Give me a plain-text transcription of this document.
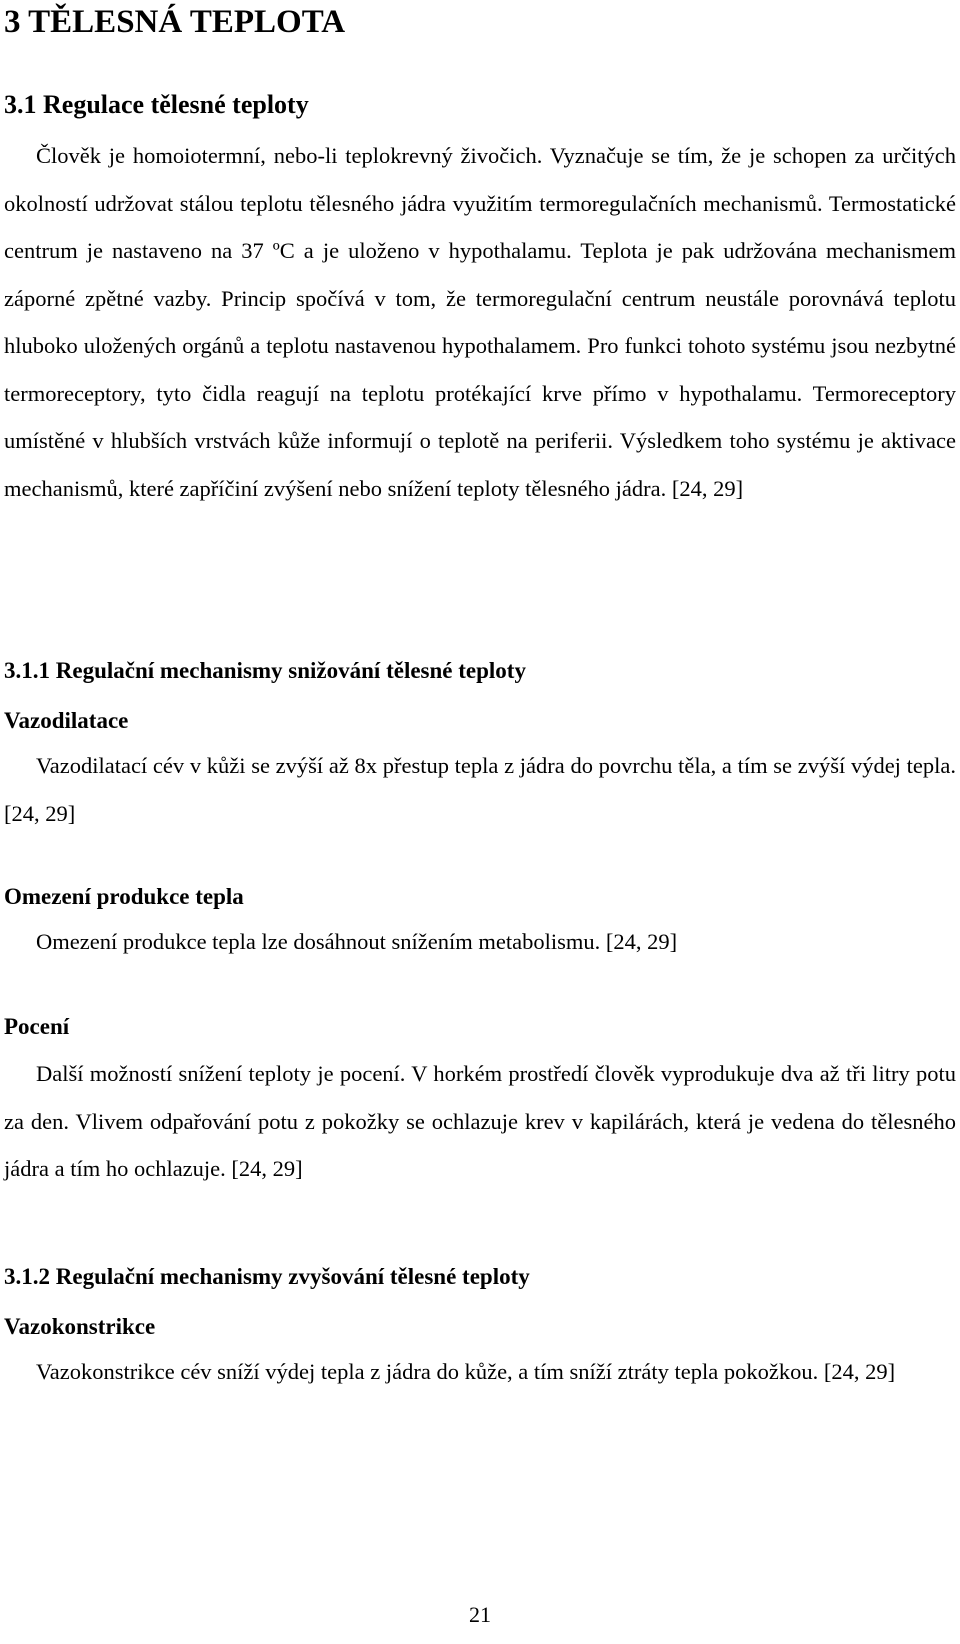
3 TĚLESNÁ TEPLOTA
3.1 Regulace tělesné teploty

Člověk je homoiotermní, nebo-li teplokrevný živočich. Vyznačuje se tím, že je schopen za určitých okolností udržovat stálou teplotu tělesného jádra využitím termoregulačních mechanismů. Termostatické centrum je nastaveno na 37 ºC a je uloženo v hypothalamu. Teplota je pak udržována mechanismem záporné zpětné vazby. Princip spočívá v tom, že termoregulační centrum neustále porovnává teplotu hluboko uložených orgánů a teplotu nastavenou hypothalamem. Pro funkci tohoto systému jsou nezbytné termoreceptory, tyto čidla reagují na teplotu protékající krve přímo v hypothalamu. Termoreceptory umístěné v hlubších vrstvách kůže informují o teplotě na periferii. Výsledkem toho systému je aktivace mechanismů, které zapříčiní zvýšení nebo snížení teploty tělesného jádra. [24, 29]

3.1.1 Regulační mechanismy snižování tělesné teploty
Vazodilatace

Vazodilatací cév v kůži se zvýší až 8x přestup tepla z jádra do povrchu těla, a tím se zvýší výdej tepla. [24, 29]

Omezení produkce tepla

Omezení produkce tepla lze dosáhnout snížením metabolismu. [24, 29]

Pocení

Další možností snížení teploty je pocení. V horkém prostředí člověk vyprodukuje dva až tři litry potu za den. Vlivem odpařování potu z pokožky se ochlazuje krev v kapilárách, která je vedena do tělesného jádra a tím ho ochlazuje. [24, 29]

3.1.2 Regulační mechanismy zvyšování tělesné teploty
Vazokonstrikce

Vazokonstrikce cév sníží výdej tepla z jádra do kůže, a tím sníží ztráty tepla pokožkou. [24, 29]

21
